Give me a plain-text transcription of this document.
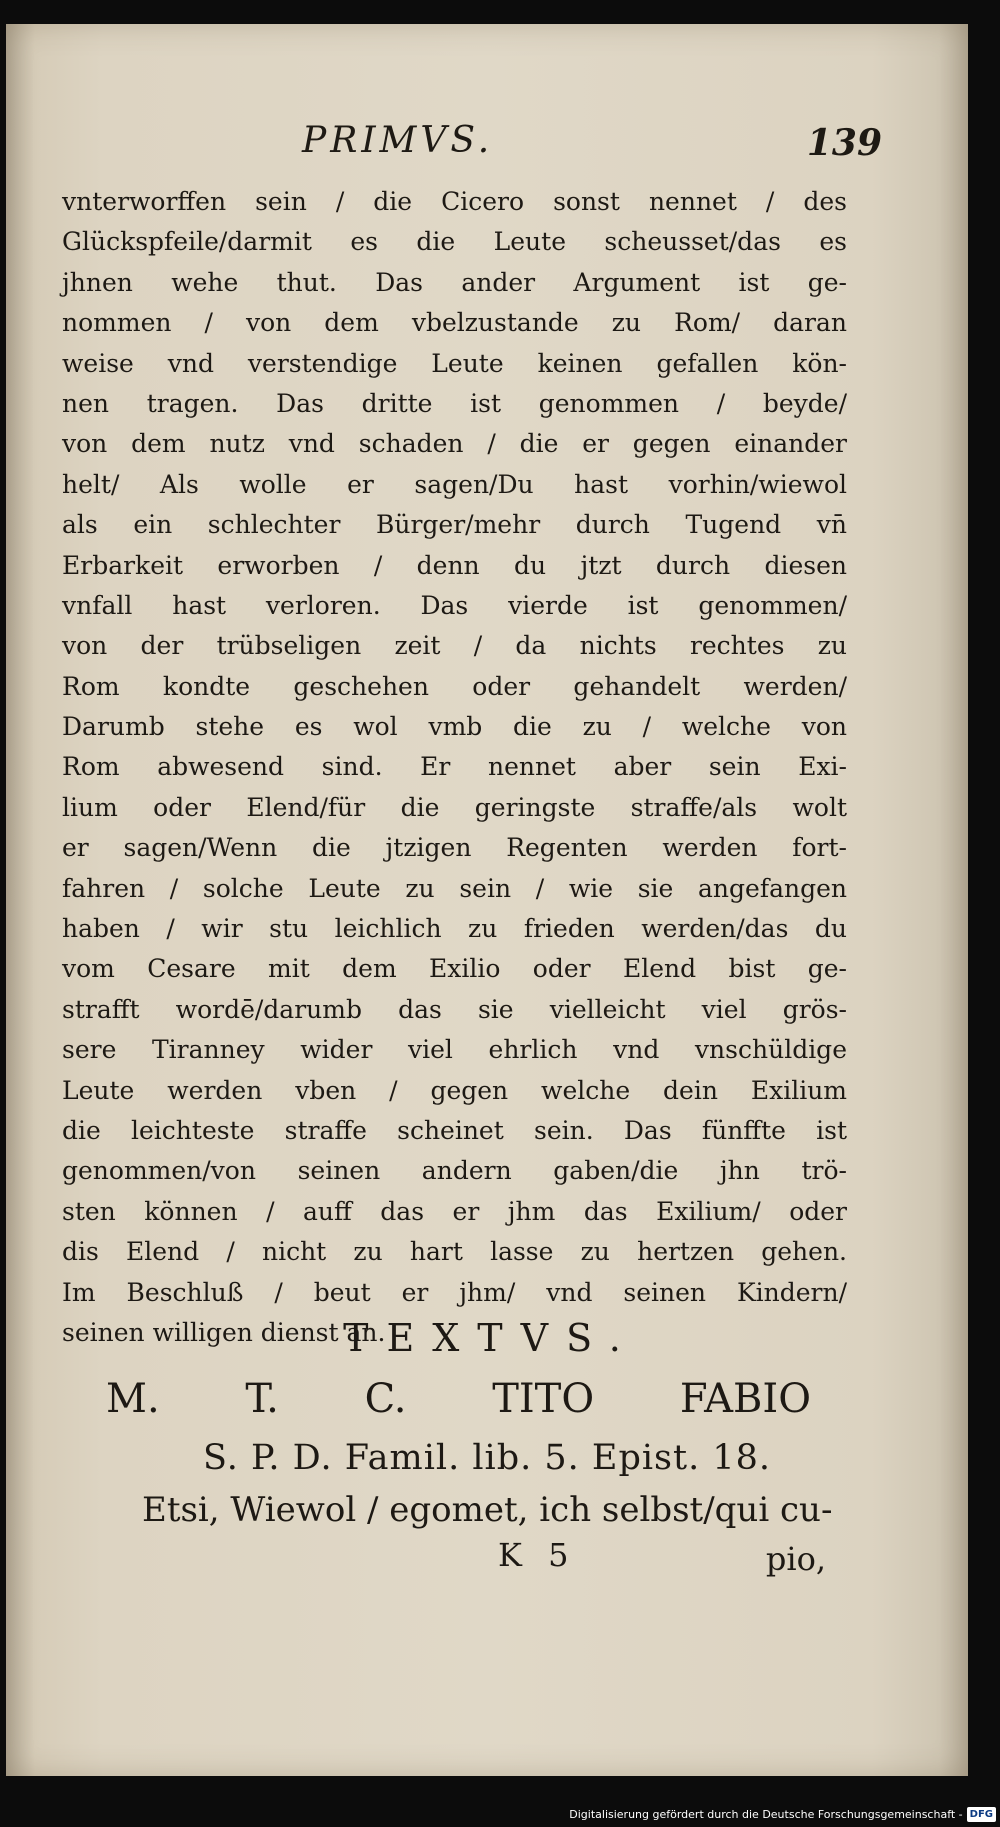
PRIMVS.	139
vnterworffen sein / die Cicero sonst nennet / des
Glückspfeile/darmit es die Leute scheusset/das es
jhnen wehe thut. Das ander Argument ist ge-
nommen / von dem vbelzustande zu Rom/ daran
weise vnd verstendige Leute keinen gefallen kön-
nen tragen. Das dritte ist genommen / beyde/
von dem nutz vnd schaden / die er gegen einander
helt/ Als wolle er sagen/Du hast vorhin/wiewol
als ein schlechter Bürger/mehr durch Tugend vn̄
Erbarkeit erworben / denn du jtzt durch diesen
vnfall hast verloren. Das vierde ist genommen/
von der trübseligen zeit / da nichts rechtes zu
Rom kondte geschehen oder gehandelt werden/
Darumb stehe es wol vmb die zu / welche von
Rom abwesend sind. Er nennet aber sein Exi-
lium oder Elend/für die geringste straffe/als wolt
er sagen/Wenn die jtzigen Regenten werden fort-
fahren / solche Leute zu sein / wie sie angefangen
haben / wir stu leichlich zu frieden werden/das du
vom Cesare mit dem Exilio oder Elend bist ge-
strafft wordē/darumb das sie vielleicht viel grös-
sere Tiranney wider viel ehrlich vnd vnschüldige
Leute werden vben / gegen welche dein Exilium
die leichteste straffe scheinet sein. Das fünffte ist
genommen/von seinen andern gaben/die jhn trö-
sten können / auff das er jhm das Exilium/ oder
dis Elend / nicht zu hart lasse zu hertzen gehen.
Im Beschluß / beut er jhm/ vnd seinen Kindern/
seinen willigen dienst an.
TEXTVS.
M. T. C. TITO FABIO
S. P. D. Famil. lib. 5. Epist. 18.
Etsi, Wiewol / egomet, ich selbst/qui cu-
K 5	pio,
Digitalisierung gefördert durch die Deutsche Forschungsgemeinschaft - DFG
